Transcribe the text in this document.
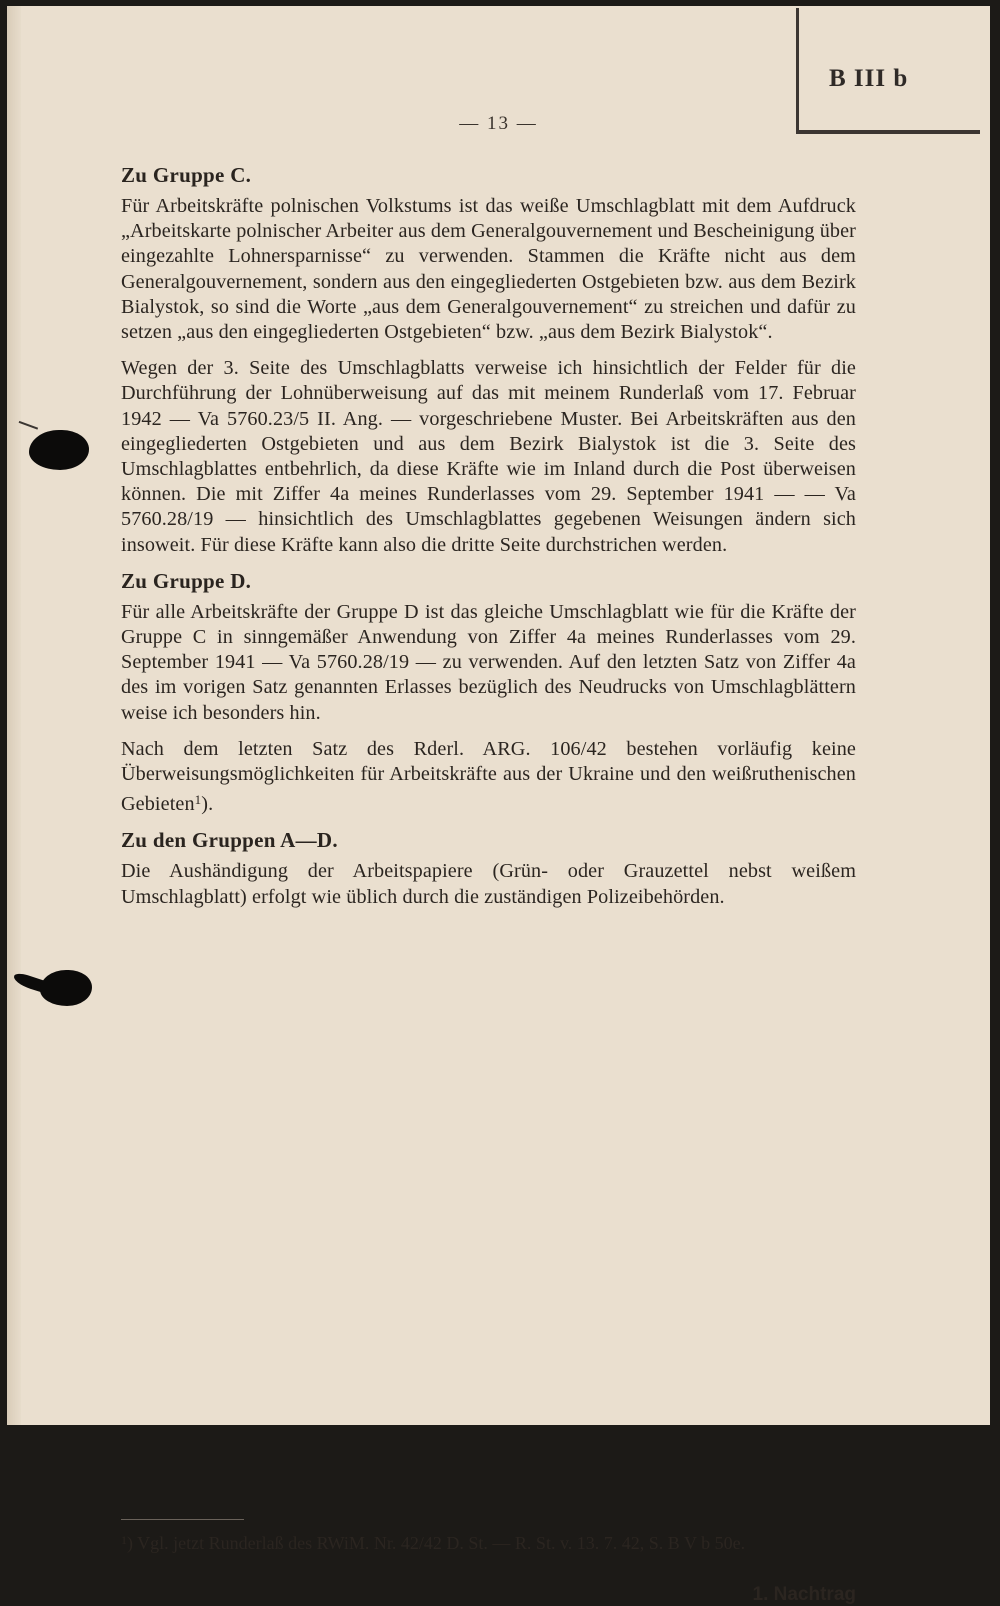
B III b
— 13 —
Zu Gruppe C.

Für Arbeitskräfte polnischen Volkstums ist das weiße Umschlagblatt mit dem Aufdruck „Arbeitskarte polnischer Arbeiter aus dem Generalgouvernement und Bescheinigung über eingezahlte Lohnersparnisse“ zu verwenden. Stammen die Kräfte nicht aus dem Generalgouvernement, sondern aus den eingegliederten Ostgebieten bzw. aus dem Bezirk Bialystok, so sind die Worte „aus dem Generalgouvernement“ zu streichen und dafür zu setzen „aus den eingegliederten Ostgebieten“ bzw. „aus dem Bezirk Bialystok“.

Wegen der 3. Seite des Umschlagblatts verweise ich hinsichtlich der Felder für die Durchführung der Lohnüberweisung auf das mit meinem Runderlaß vom 17. Februar 1942 — Va 5760.23/5 II. Ang. — vorgeschriebene Muster. Bei Arbeitskräften aus den eingegliederten Ostgebieten und aus dem Bezirk Bialystok ist die 3. Seite des Umschlagblattes entbehrlich, da diese Kräfte wie im Inland durch die Post überweisen können. Die mit Ziffer 4a meines Runderlasses vom 29. September 1941 — — Va 5760.28/19 — hinsichtlich des Umschlagblattes gegebenen Weisungen ändern sich insoweit. Für diese Kräfte kann also die dritte Seite durchstrichen werden.

Zu Gruppe D.

Für alle Arbeitskräfte der Gruppe D ist das gleiche Umschlagblatt wie für die Kräfte der Gruppe C in sinngemäßer Anwendung von Ziffer 4a meines Runderlasses vom 29. September 1941 — Va 5760.28/19 — zu verwenden. Auf den letzten Satz von Ziffer 4a des im vorigen Satz genannten Erlasses bezüglich des Neudrucks von Umschlagblättern weise ich besonders hin.

Nach dem letzten Satz des Rderl. ARG. 106/42 bestehen vorläufig keine Überweisungsmöglichkeiten für Arbeitskräfte aus der Ukraine und den weißruthenischen Gebieten$^1$).

Zu den Gruppen A—D.

Die Aushändigung der Arbeitspapiere (Grün- oder Grauzettel nebst weißem Umschlagblatt) erfolgt wie üblich durch die zuständigen Polizeibehörden.

$^1$) Vgl. jetzt Runderlaß des RWiM. Nr. 42/42 D. St. — R. St. v. 13. 7. 42, S. B V b 50e.
1. Nachtrag
